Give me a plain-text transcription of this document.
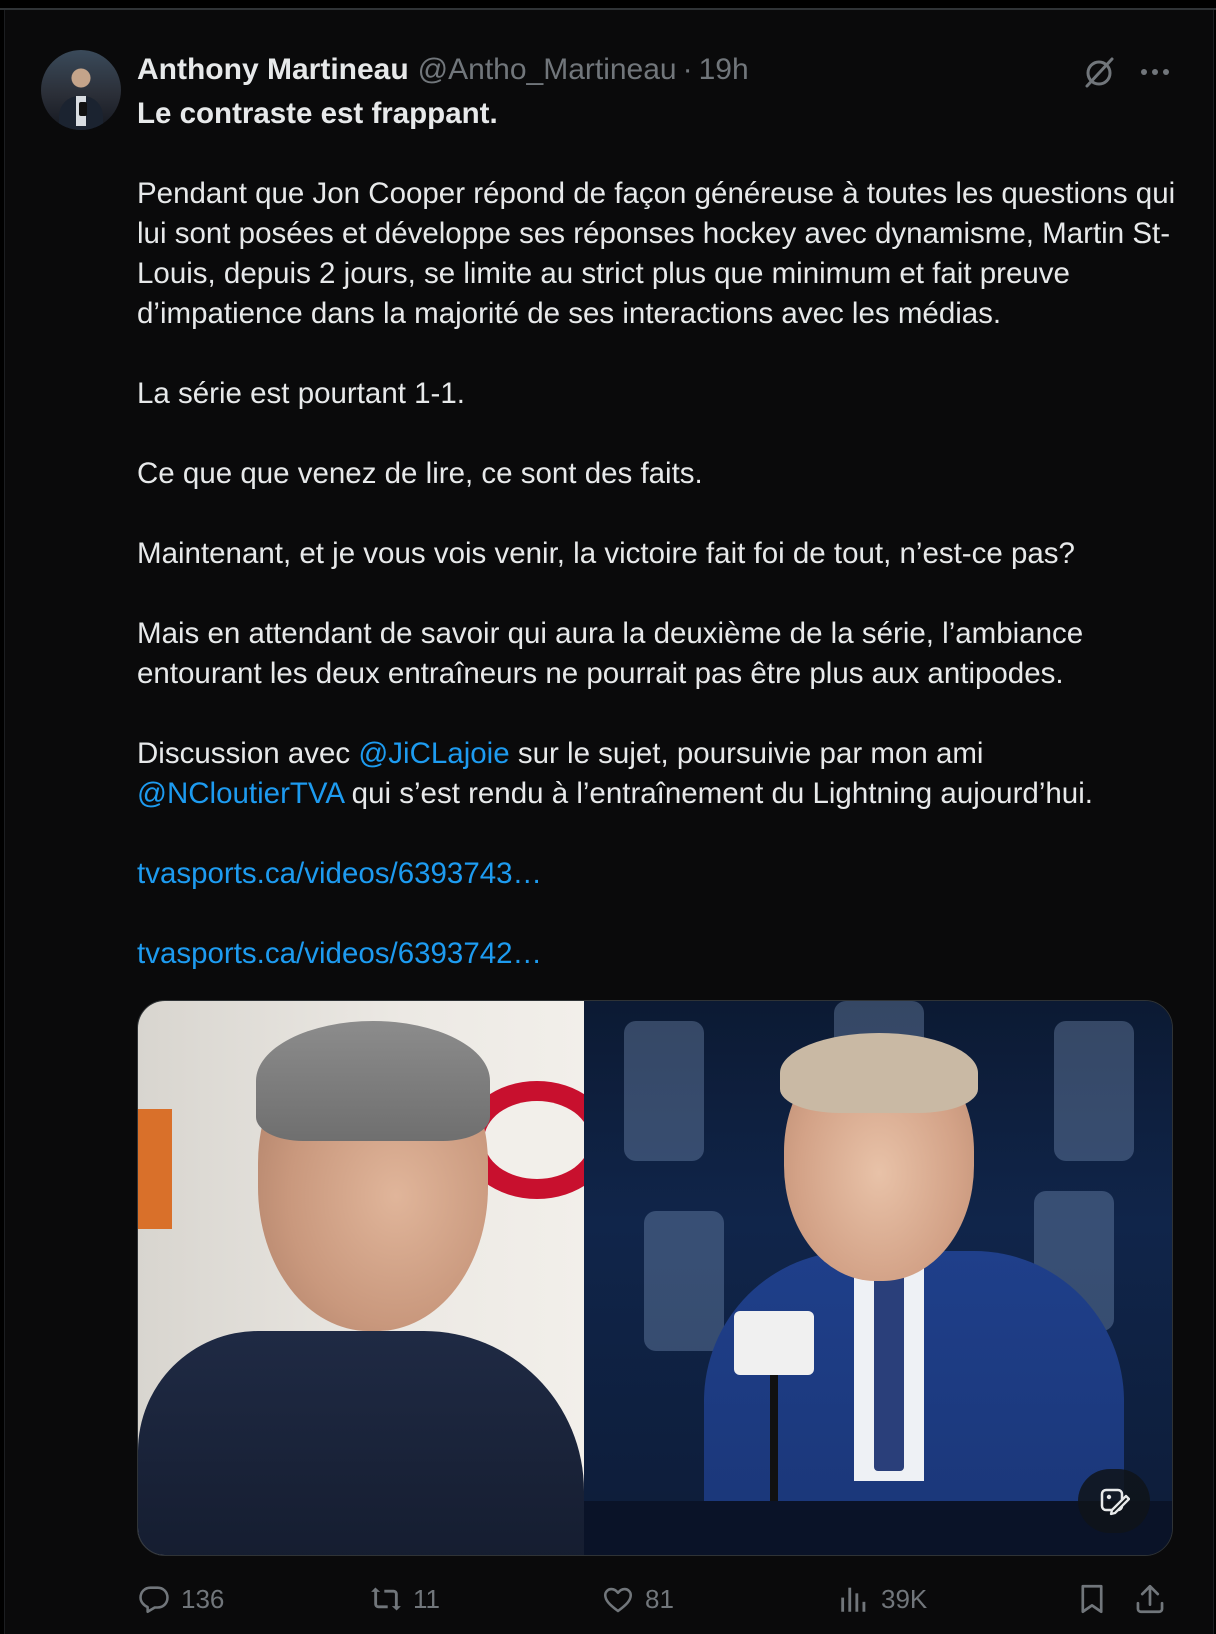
Anthony Martineau @Antho_Martineau · 19h

Le contraste est frappant.

Pendant que Jon Cooper répond de façon généreuse à toutes les questions qui lui sont posées et développe ses réponses hockey avec dynamisme, Martin St-Louis, depuis 2 jours, se limite au strict plus que minimum et fait preuve d’impatience dans la majorité de ses interactions avec les médias.

La série est pourtant 1-1.

Ce que que venez de lire, ce sont des faits.

Maintenant, et je vous vois venir, la victoire fait foi de tout, n’est-ce pas?

Mais en attendant de savoir qui aura la deuxième de la série, l’ambiance entourant les deux entraîneurs ne pourrait pas être plus aux antipodes.

Discussion avec @JiCLajoie sur le sujet, poursuivie par mon ami @NCloutierTVA qui s’est rendu à l’entraînement du Lightning aujourd’hui.

tvasports.ca/videos/6393743…

tvasports.ca/videos/6393742…

136	11	81	39K
